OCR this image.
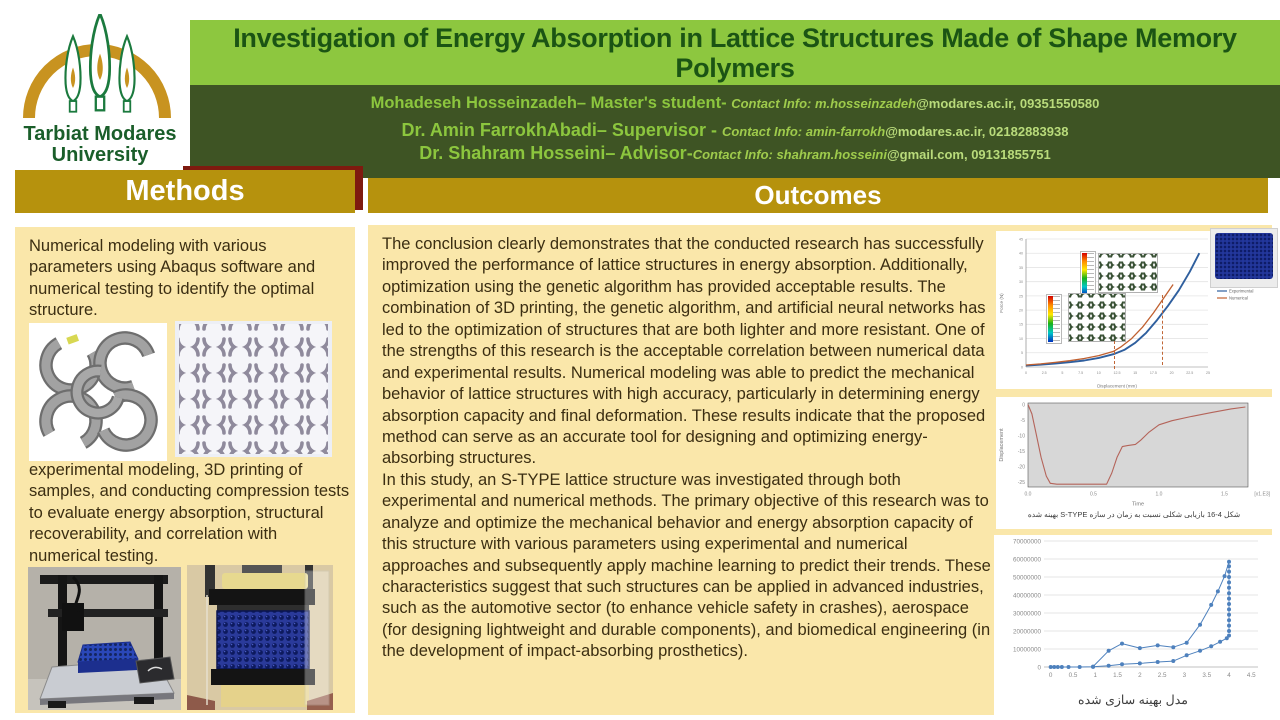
Tarbiat Modares
University
Investigation of Energy Absorption in Lattice Structures Made of Shape Memory
Polymers
Mohadeseh Hosseinzadeh– Master's student- Contact Info: m.hosseinzadeh@modares.ac.ir, 09351550580
Dr. Amin FarrokhAbadi– Supervisor - Contact Info: amin-farrokh@modares.ac.ir, 02182883938
Dr. Shahram Hosseini– Advisor-Contact Info: shahram.hosseini@gmail.com, 09131855751
Methods	Outcomes
Numerical modeling with various parameters using Abaqus software and numerical testing to identify the optimal structure.
experimental modeling, 3D printing of samples, and conducting compression tests to evaluate energy absorption, structural recoverability, and correlation with numerical testing.

The conclusion clearly demonstrates that the conducted research has successfully improved the performance of lattice structures in energy absorption. Additionally, optimization using the genetic algorithm has provided acceptable results. The combination of 3D printing, the genetic algorithm, and artificial neural networks has led to the optimization of structures that are both lighter and more resistant. One of the strengths of this research is the acceptable correlation between numerical data and experimental results. Numerical modeling was able to predict the mechanical behavior of lattice structures with high accuracy, particularly in determining energy absorption capacity and final deformation. These results indicate that the proposed method can serve as an accurate tool for designing and optimizing energy-absorbing structures.

In this study, an S-TYPE lattice structure was investigated through both experimental and numerical methods. The primary objective of this research was to analyze and optimize the mechanical behavior and energy absorption capacity of this structure with various parameters using experimental and numerical approaches and subsequently apply machine learning to predict their trends. These characteristics suggest that such structures can be applied in advanced industries, such as the automotive sector (to enhance vehicle safety in crashes), aerospace (for designing lightweight and durable components), and biomedical engineering (in the development of impact-absorbing prosthetics).

0	2.5	5	7.5	10	12.5	15	17.5	20	22.5	25
0
5
10
15
20
25
30
35
40
45
Displacement (mm)
Force (N)
Experimental
Numerical
0.0	0.5	1.0	1.5
0
-5
-10
-15
-20
-25
Time
Displacement
[x1.E3]
شکل 4-16 بازیابی شکلی نسبت به زمان در سازه S-TYPE بهینه شده
0	0.5	1	1.5	2	2.5	3	3.5	4	4.5
0
10000000
20000000
30000000
40000000
50000000
60000000
70000000
مدل بهینه سازی شده
